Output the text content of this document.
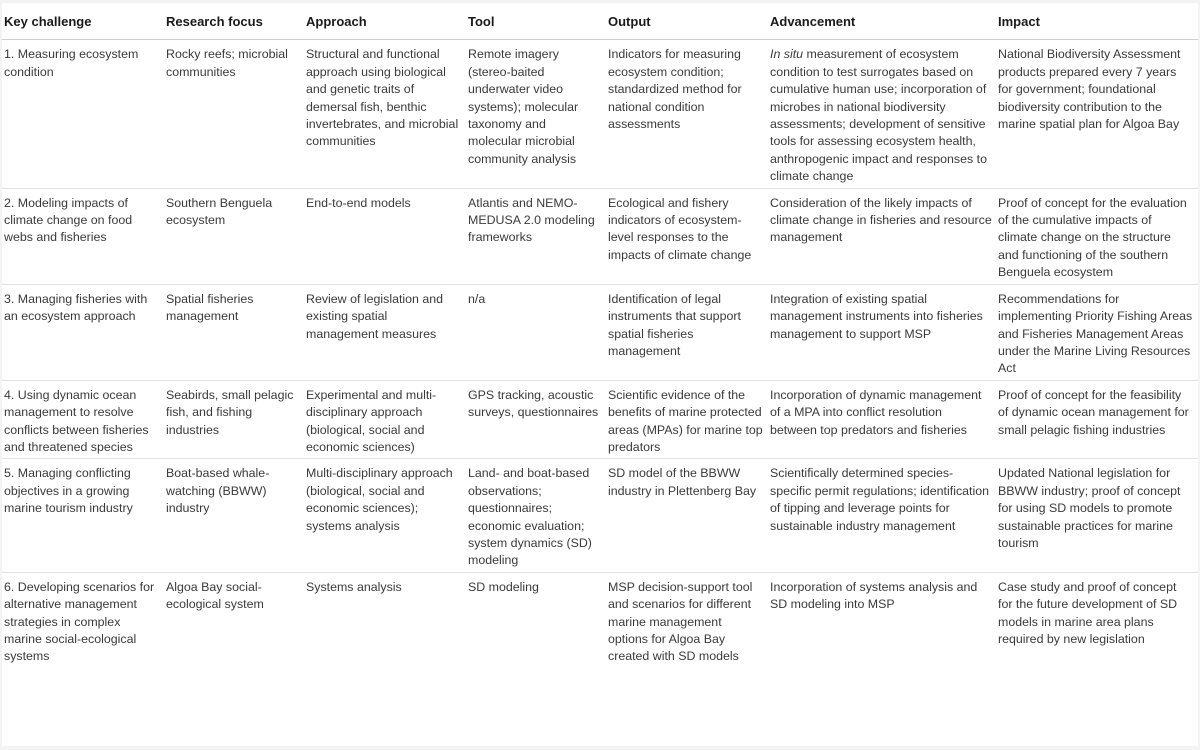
Key challenge	Research focus	Approach	Tool	Output	Advancement	Impact
1. Measuring ecosystem condition	Rocky reefs; microbial communities	Structural and functional approach using biological and genetic traits of demersal fish, benthic invertebrates, and microbial communities	Remote imagery (stereo-baited underwater video systems); molecular taxonomy and molecular microbial community analysis	Indicators for measuring ecosystem condition; standardized method for national condition assessments	In situ measurement of ecosystem condition to test surrogates based on cumulative human use; incorporation of microbes in national biodiversity assessments; development of sensitive tools for assessing ecosystem health, anthropogenic impact and responses to climate change	National Biodiversity Assessment products prepared every 7 years for government; foundational biodiversity contribution to the marine spatial plan for Algoa Bay
2. Modeling impacts of climate change on food webs and fisheries	Southern Benguela ecosystem	End-to-end models	Atlantis and NEMO-MEDUSA 2.0 modeling frameworks	Ecological and fishery indicators of ecosystem-level responses to the impacts of climate change	Consideration of the likely impacts of climate change in fisheries and resource management	Proof of concept for the evaluation of the cumulative impacts of climate change on the structure and functioning of the southern Benguela ecosystem
3. Managing fisheries with an ecosystem approach	Spatial fisheries management	Review of legislation and existing spatial management measures	n/a	Identification of legal instruments that support spatial fisheries management	Integration of existing spatial management instruments into fisheries management to support MSP	Recommendations for implementing Priority Fishing Areas and Fisheries Management Areas under the Marine Living Resources Act
4. Using dynamic ocean management to resolve conflicts between fisheries and threatened species	Seabirds, small pelagic fish, and fishing industries	Experimental and multi-disciplinary approach (biological, social and economic sciences)	GPS tracking, acoustic surveys, questionnaires	Scientific evidence of the benefits of marine protected areas (MPAs) for marine top predators	Incorporation of dynamic management of a MPA into conflict resolution between top predators and fisheries	Proof of concept for the feasibility of dynamic ocean management for small pelagic fishing industries
5. Managing conflicting objectives in a growing marine tourism industry	Boat-based whale-watching (BBWW) industry	Multi-disciplinary approach (biological, social and economic sciences); systems analysis	Land- and boat-based observations; questionnaires; economic evaluation; system dynamics (SD) modeling	SD model of the BBWW industry in Plettenberg Bay	Scientifically determined species-specific permit regulations; identification of tipping and leverage points for sustainable industry management	Updated National legislation for BBWW industry; proof of concept for using SD models to promote sustainable practices for marine tourism
6. Developing scenarios for alternative management strategies in complex marine social-ecological systems	Algoa Bay social-ecological system	Systems analysis	SD modeling	MSP decision-support tool and scenarios for different marine management options for Algoa Bay created with SD models	Incorporation of systems analysis and SD modeling into MSP	Case study and proof of concept for the future development of SD models in marine area plans required by new legislation
